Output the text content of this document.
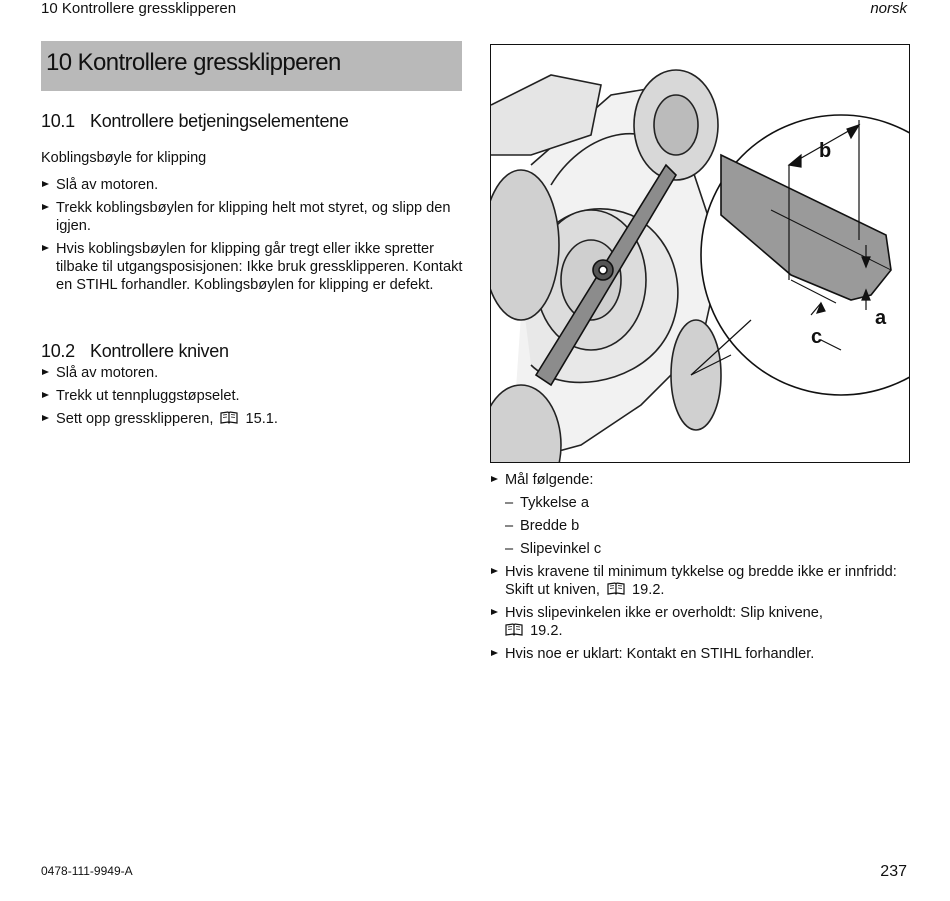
10 Kontrollere gressklipperen	norsk
10 Kontrollere gressklipperen
10.1 Kontrollere betjeningselementene
Koblingsbøyle for klipping
Slå av motoren.
Trekk koblingsbøylen for klipping helt mot styret, og slipp den igjen.
Hvis koblingsbøylen for klipping går tregt eller ikke spretter tilbake til utgangsposisjonen: Ikke bruk gressklipperen. Kontakt en STIHL forhandler. Koblingsbøylen for klipping er defekt.
10.2 Kontrollere kniven
Slå av motoren.
Trekk ut tennpluggstøpselet.
Sett opp gressklipperen, 15.1.
b
a
c
Mål følgende:
– Tykkelse a
– Bredde b
– Slipevinkel c
Hvis kravene til minimum tykkelse og bredde ikke er innfridd: Skift ut kniven, 19.2.
Hvis slipevinkelen ikke er overholdt: Slip knivene,
19.2.
Hvis noe er uklart: Kontakt en STIHL forhandler.
0478-111-9949-A	237
